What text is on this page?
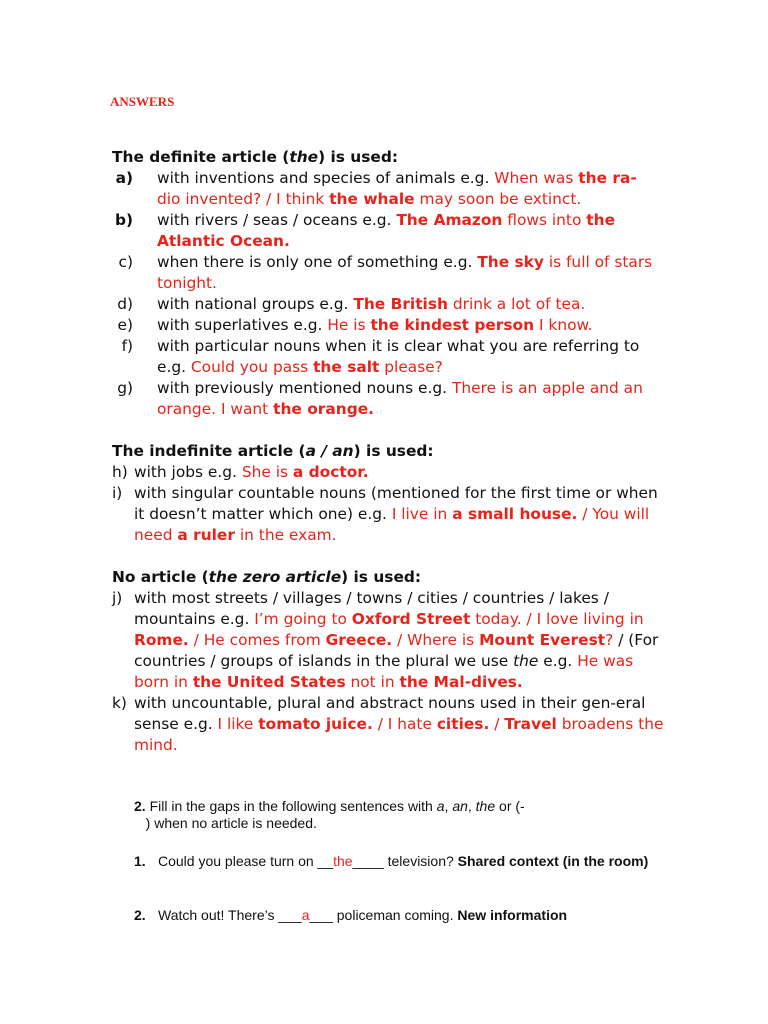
ANSWERS

The definite article (the) is used:

a)	with inventions and species of animals e.g. When was the ra-
dio invented? / I think the whale may soon be extinct.

b)	with rivers / seas / oceans e.g. The Amazon flows into the Atlantic Ocean.

c)	when there is only one of something e.g. The sky is full of stars tonight.

d)	with national groups e.g. The British drink a lot of tea.

e)	with superlatives e.g. He is the kindest person I know.

f)	with particular nouns when it is clear what you are referring to e.g. Could you pass the salt please?

g)	with previously mentioned nouns e.g. There is an apple and an orange. I want the orange.

The indefinite article (a / an) is used:

h) with jobs e.g. She is a doctor.

i) with singular countable nouns (mentioned for the first time or when it doesn’t matter which one) e.g. I live in a small house. / You will need a ruler in the exam.

No article (the zero article) is used:

j) with most streets / villages / towns / cities / countries / lakes / mountains e.g. I’m going to Oxford Street today. / I love living in Rome. / He comes from Greece. / Where is Mount Everest? / (For countries / groups of islands in the plural we use the e.g. He was born in the United States not in the Mal-dives.

k) with uncountable, plural and abstract nouns used in their gen-eral sense e.g. I like tomato juice. / I hate cities. / Travel broadens the mind.

2. Fill in the gaps in the following sentences with a, an, the or (-
) when no article is needed.
1. Could you please turn on __the____ television? Shared context (in the room)
2. Watch out! There’s ___a___ policeman coming. New information
